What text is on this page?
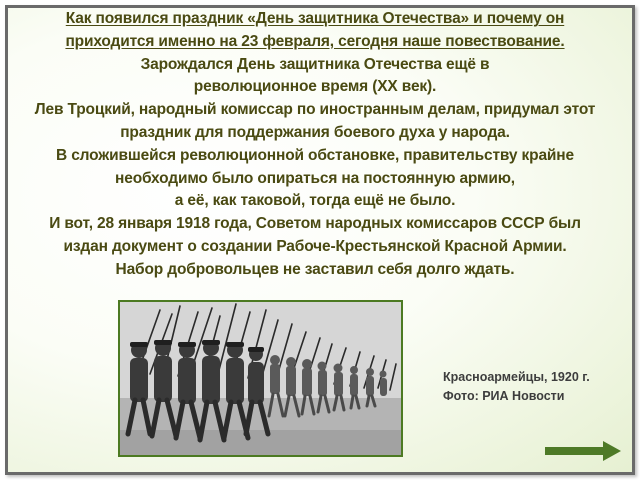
Как появился праздник «День защитника Отечества» и почему он
приходится именно на 23 февраля, сегодня наше повествование.
Зарождался День защитника Отечества ещё в
революционное время (XX век).
Лев Троцкий, народный комиссар по иностранным делам, придумал этот
праздник для поддержания боевого духа у народа.
В сложившейся революционной обстановке, правительству крайне
необходимо было опираться на постоянную армию,
а её, как таковой, тогда ещё не было.
И вот, 28 января 1918 года, Советом народных комиссаров СССР был
издан документ о создании Рабоче-Крестьянской Красной Армии.
Набор добровольцев не заставил себя долго ждать.
Красноармейцы, 1920 г.
Фото: РИА Новости
